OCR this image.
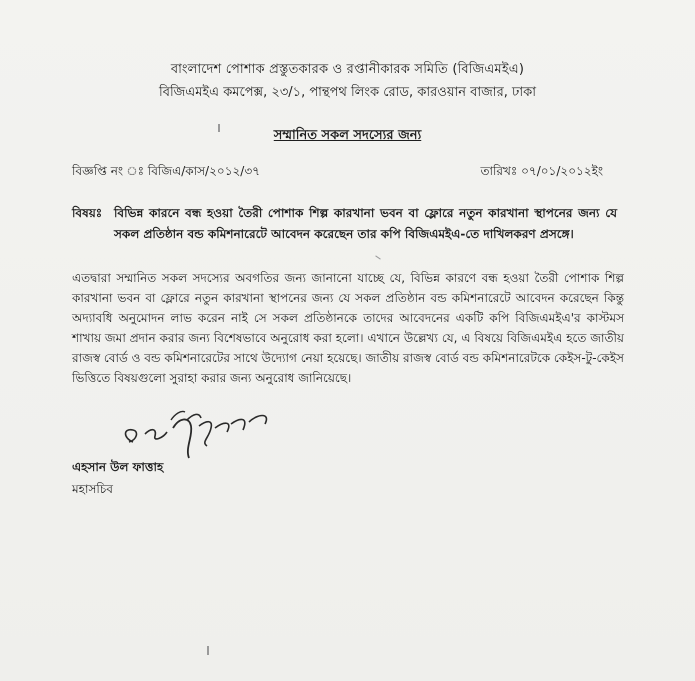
বাংলাদেশ পোশাক প্রস্তুতকারক ও রপ্তানীকারক সমিতি (বিজিএমইএ)
বিজিএমইএ কমপেক্স, ২৩/১, পান্থপথ লিংক রোড, কারওয়ান বাজার, ঢাকা
সম্মানিত সকল সদস্যের জন্য
বিজ্ঞপ্তি নং ঃ বিজিএ/কাস/২০১২/৩৭	তারিখঃ ০৭/০১/২০১২ইং
বিষয়ঃ বিভিন্ন কারনে বন্ধ হওয়া তৈরী পোশাক শিল্প কারখানা ভবন বা ফ্লোরে নতুন কারখানা স্থাপনের জন্য যে সকল প্রতিষ্ঠান বন্ড কমিশনারেটে আবেদন করেছেন তার কপি বিজিএমইএ-তে দাখিলকরণ প্রসঙ্গে।
এতদ্বারা সম্মানিত সকল সদস্যের অবগতির জন্য জানানো যাচ্ছে যে, বিভিন্ন কারণে বন্ধ হওয়া তৈরী পোশাক শিল্প কারখানা ভবন বা ফ্লোরে নতুন কারখানা স্থাপনের জন্য যে সকল প্রতিষ্ঠান বন্ড কমিশনারেটে আবেদন করেছেন কিন্তু অদ্যাবধি অনুমোদন লাভ করেন নাই সে সকল প্রতিষ্ঠানকে তাদের আবেদনের একটি কপি বিজিএমইএ'র কাস্টমস শাখায় জমা প্রদান করার জন্য বিশেষভাবে অনুরোধ করা হলো। এখানে উল্লেখ্য যে, এ বিষয়ে বিজিএমইএ হতে জাতীয় রাজস্ব বোর্ড ও বন্ড কমিশনারেটের সাথে উদ্যোগ নেয়া হয়েছে। জাতীয় রাজস্ব বোর্ড বন্ড কমিশনারেটকে কেইস-টু-কেইস ভিত্তিতে বিষয়গুলো সুরাহা করার জন্য অনুরোধ জানিয়েছে।
এহসান উল ফাত্তাহ
মহাসচিব
